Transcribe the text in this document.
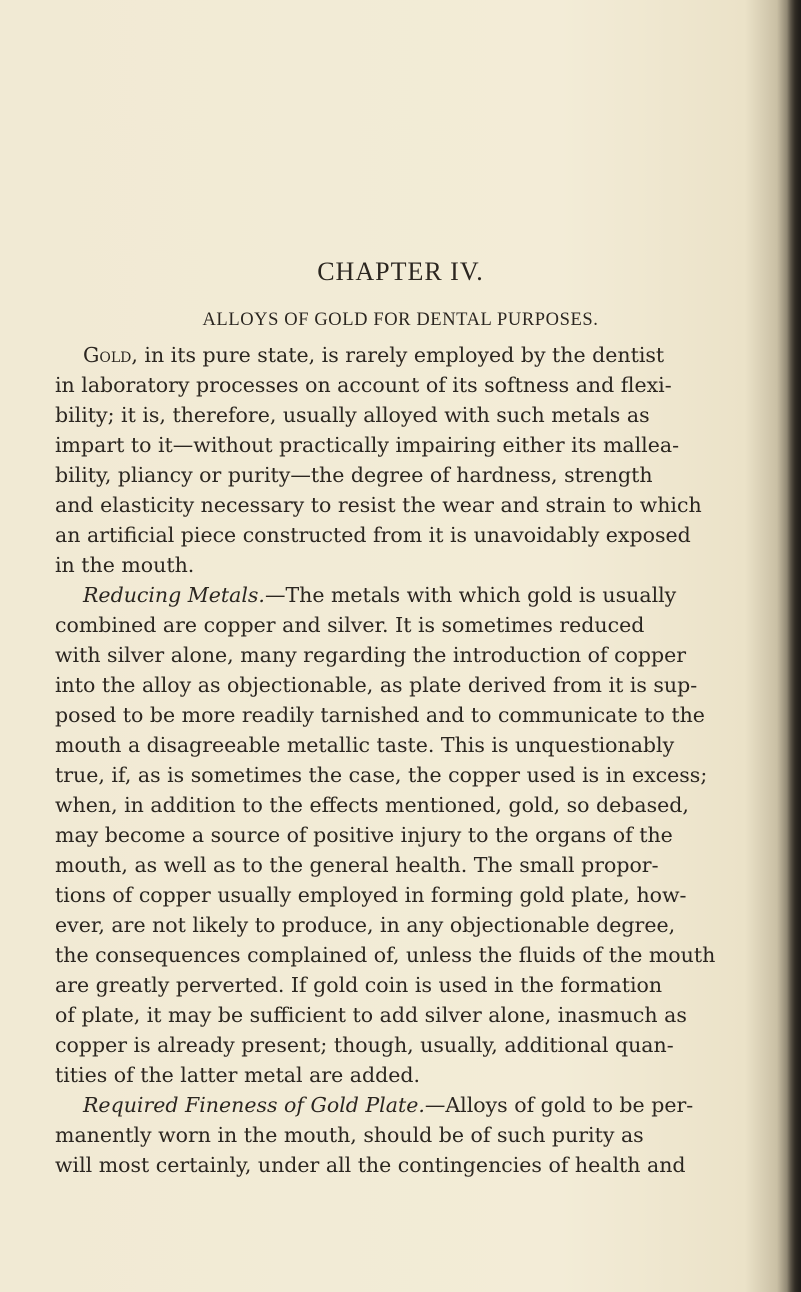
CHAPTER IV.
ALLOYS OF GOLD FOR DENTAL PURPOSES.
Gold, in its pure state, is rarely employed by the dentist
in laboratory processes on account of its softness and flexi-
bility; it is, therefore, usually alloyed with such metals as
impart to it—without practically impairing either its mallea-
bility, pliancy or purity—the degree of hardness, strength
and elasticity necessary to resist the wear and strain to which
an artificial piece constructed from it is unavoidably exposed
in the mouth.
Reducing Metals.—The metals with which gold is usually
combined are copper and silver. It is sometimes reduced
with silver alone, many regarding the introduction of copper
into the alloy as objectionable, as plate derived from it is sup-
posed to be more readily tarnished and to communicate to the
mouth a disagreeable metallic taste. This is unquestionably
true, if, as is sometimes the case, the copper used is in excess;
when, in addition to the effects mentioned, gold, so debased,
may become a source of positive injury to the organs of the
mouth, as well as to the general health. The small propor-
tions of copper usually employed in forming gold plate, how-
ever, are not likely to produce, in any objectionable degree,
the consequences complained of, unless the fluids of the mouth
are greatly perverted. If gold coin is used in the formation
of plate, it may be sufficient to add silver alone, inasmuch as
copper is already present; though, usually, additional quan-
tities of the latter metal are added.
Required Fineness of Gold Plate.—Alloys of gold to be per-
manently worn in the mouth, should be of such purity as
will most certainly, under all the contingencies of health and
